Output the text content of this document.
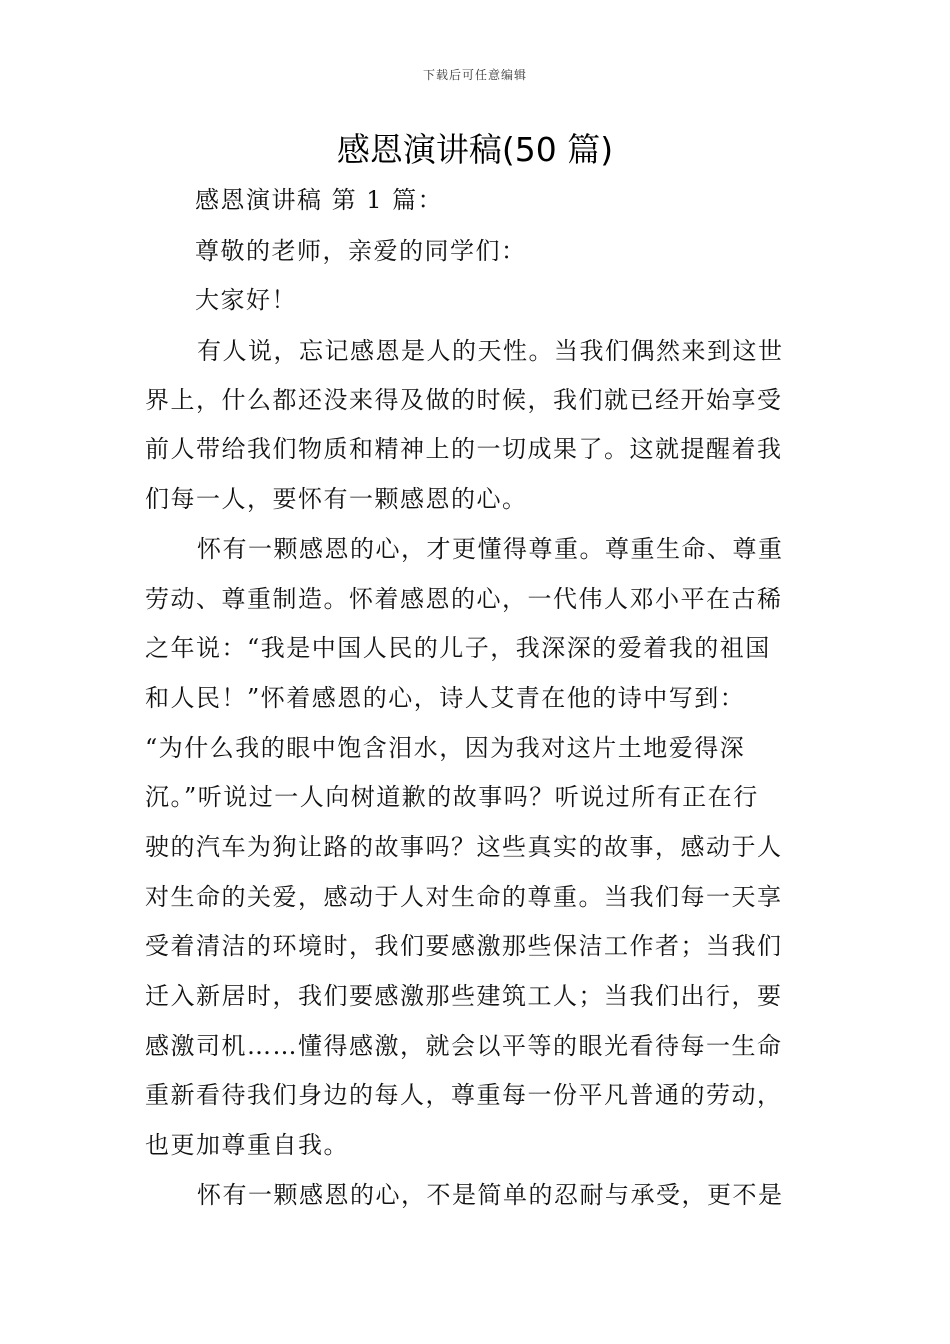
下载后可任意编辑
感恩演讲稿(50 篇)
感恩演讲稿 第 1 篇：
尊敬的老师，亲爱的同学们：
大家好！
有人说，忘记感恩是人的天性。当我们偶然来到这世
界上，什么都还没来得及做的时候，我们就已经开始享受
前人带给我们物质和精神上的一切成果了。这就提醒着我
们每一人，要怀有一颗感恩的心。
怀有一颗感恩的心，才更懂得尊重。尊重生命、尊重
劳动、尊重制造。怀着感恩的心，一代伟人邓小平在古稀
之年说：“我是中国人民的儿子，我深深的爱着我的祖国
和人民！”怀着感恩的心，诗人艾青在他的诗中写到：
“为什么我的眼中饱含泪水，因为我对这片土地爱得深
沉。”听说过一人向树道歉的故事吗？听说过所有正在行
驶的汽车为狗让路的故事吗？这些真实的故事，感动于人
对生命的关爱，感动于人对生命的尊重。当我们每一天享
受着清洁的环境时，我们要感激那些保洁工作者；当我们
迁入新居时，我们要感激那些建筑工人；当我们出行，要
感激司机……懂得感激，就会以平等的眼光看待每一生命
重新看待我们身边的每人，尊重每一份平凡普通的劳动，
也更加尊重自我。
怀有一颗感恩的心，不是简单的忍耐与承受，更不是
